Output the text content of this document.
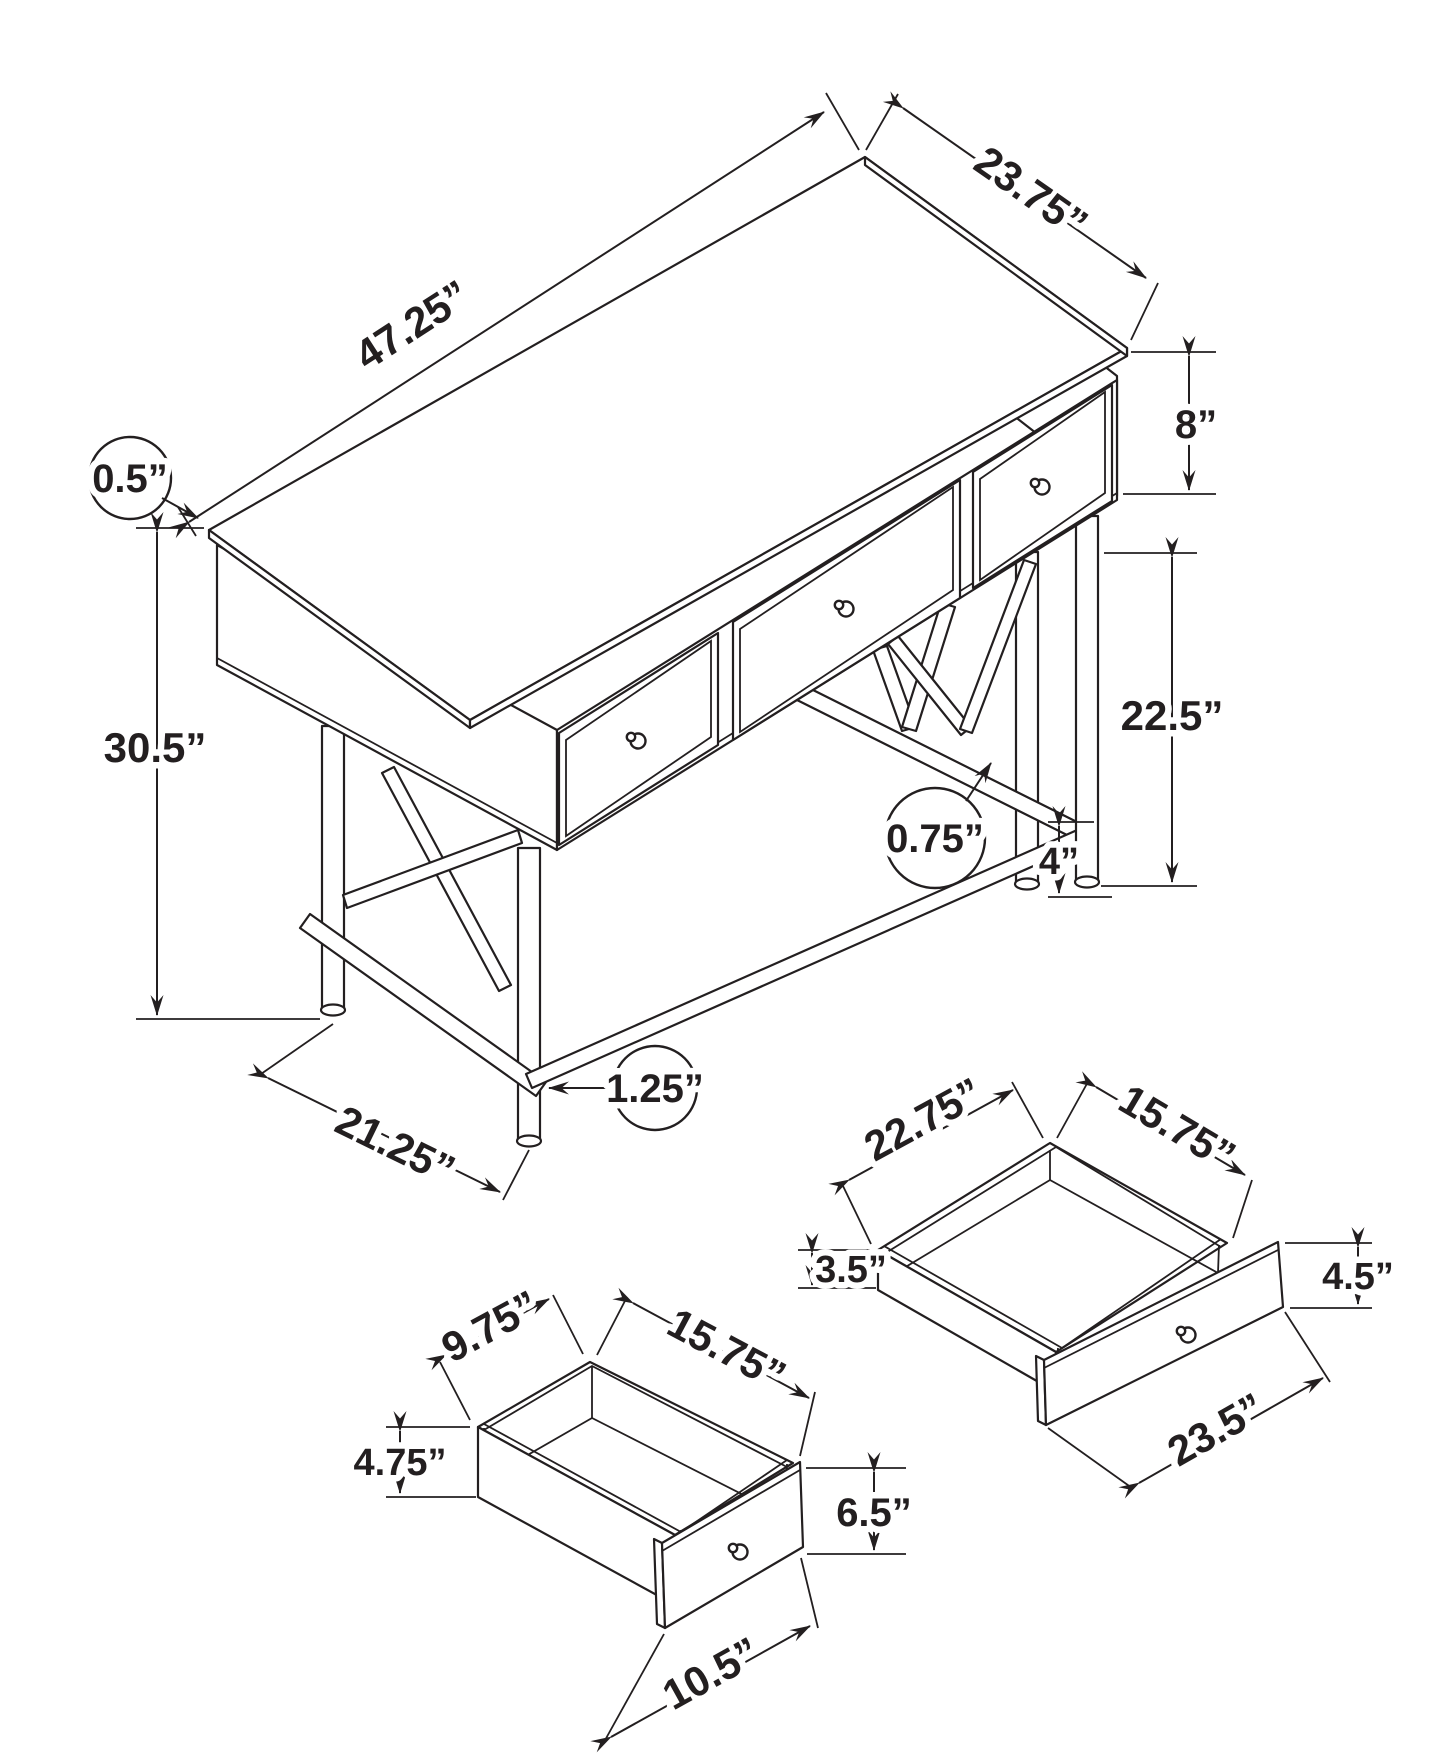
47.25”
23.75”
8”
0.5”
30.5”
22.5”
0.75”
4”
1.25”
21.25”	22.75”	15.75”
3.5”	4.5”
23.5”
9.75”	15.75”
4.75”
6.5”
10.5”
